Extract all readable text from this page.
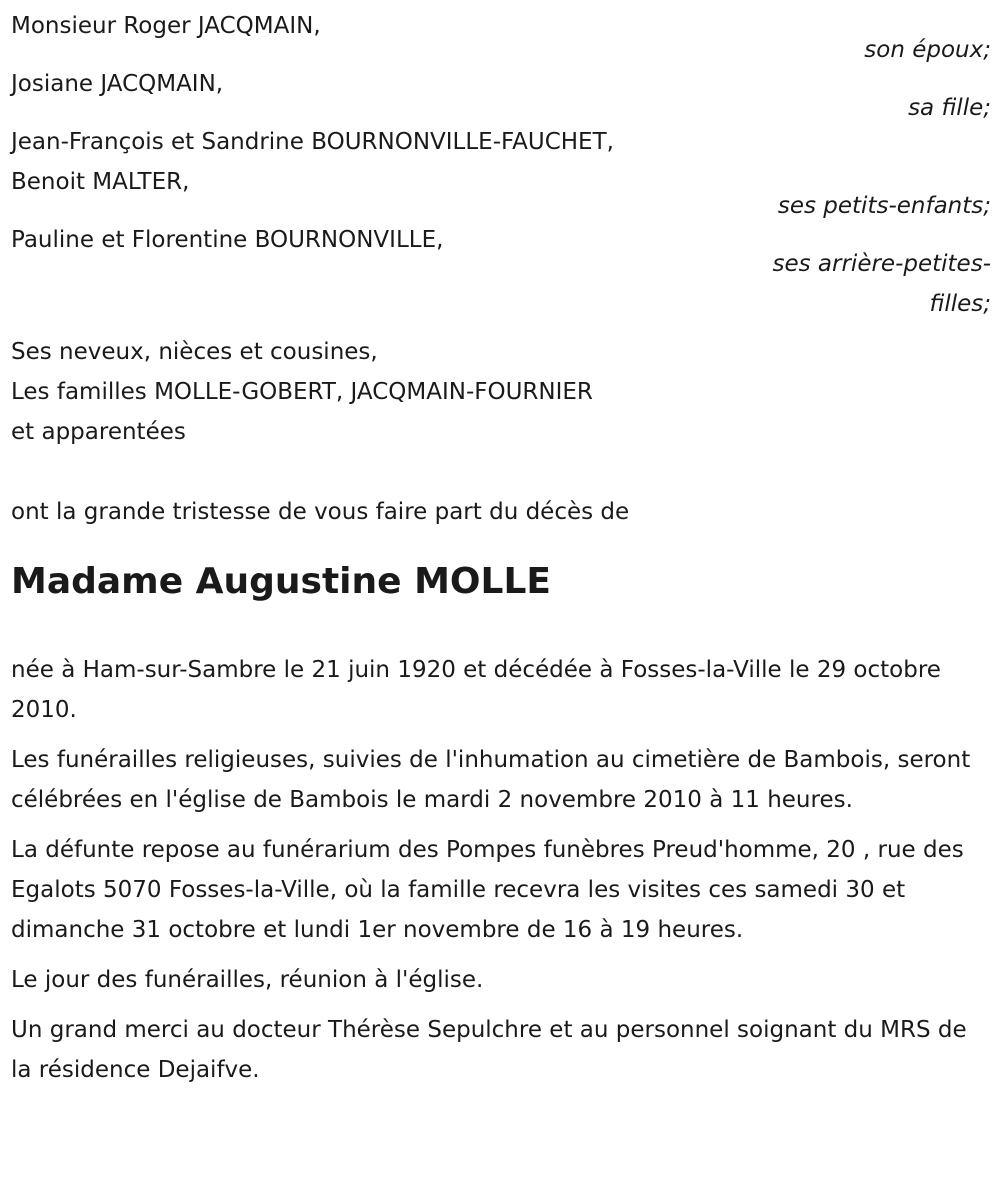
Monsieur Roger JACQMAIN,
son époux;
Josiane JACQMAIN,
sa fille;
Jean-François et Sandrine BOURNONVILLE-FAUCHET,
Benoit MALTER,
ses petits-enfants;
Pauline et Florentine BOURNONVILLE,
ses arrière-petites-filles;
Ses neveux, nièces et cousines,
Les familles MOLLE-GOBERT, JACQMAIN-FOURNIER
et apparentées
ont la grande tristesse de vous faire part du décès de
Madame Augustine MOLLE
née à Ham-sur-Sambre le 21 juin 1920 et décédée à Fosses-la-Ville le 29 octobre 2010.
Les funérailles religieuses, suivies de l'inhumation au cimetière de Bambois, seront célébrées en l'église de Bambois le mardi 2 novembre 2010 à 11 heures.
La défunte repose au funérarium des Pompes funèbres Preud'homme, 20 , rue des Egalots 5070 Fosses-la-Ville, où la famille recevra les visites ces samedi 30 et dimanche 31 octobre et lundi 1er novembre de 16 à 19 heures.
Le jour des funérailles, réunion à l'église.
Un grand merci au docteur Thérèse Sepulchre et au personnel soignant du MRS de la résidence Dejaifve.
